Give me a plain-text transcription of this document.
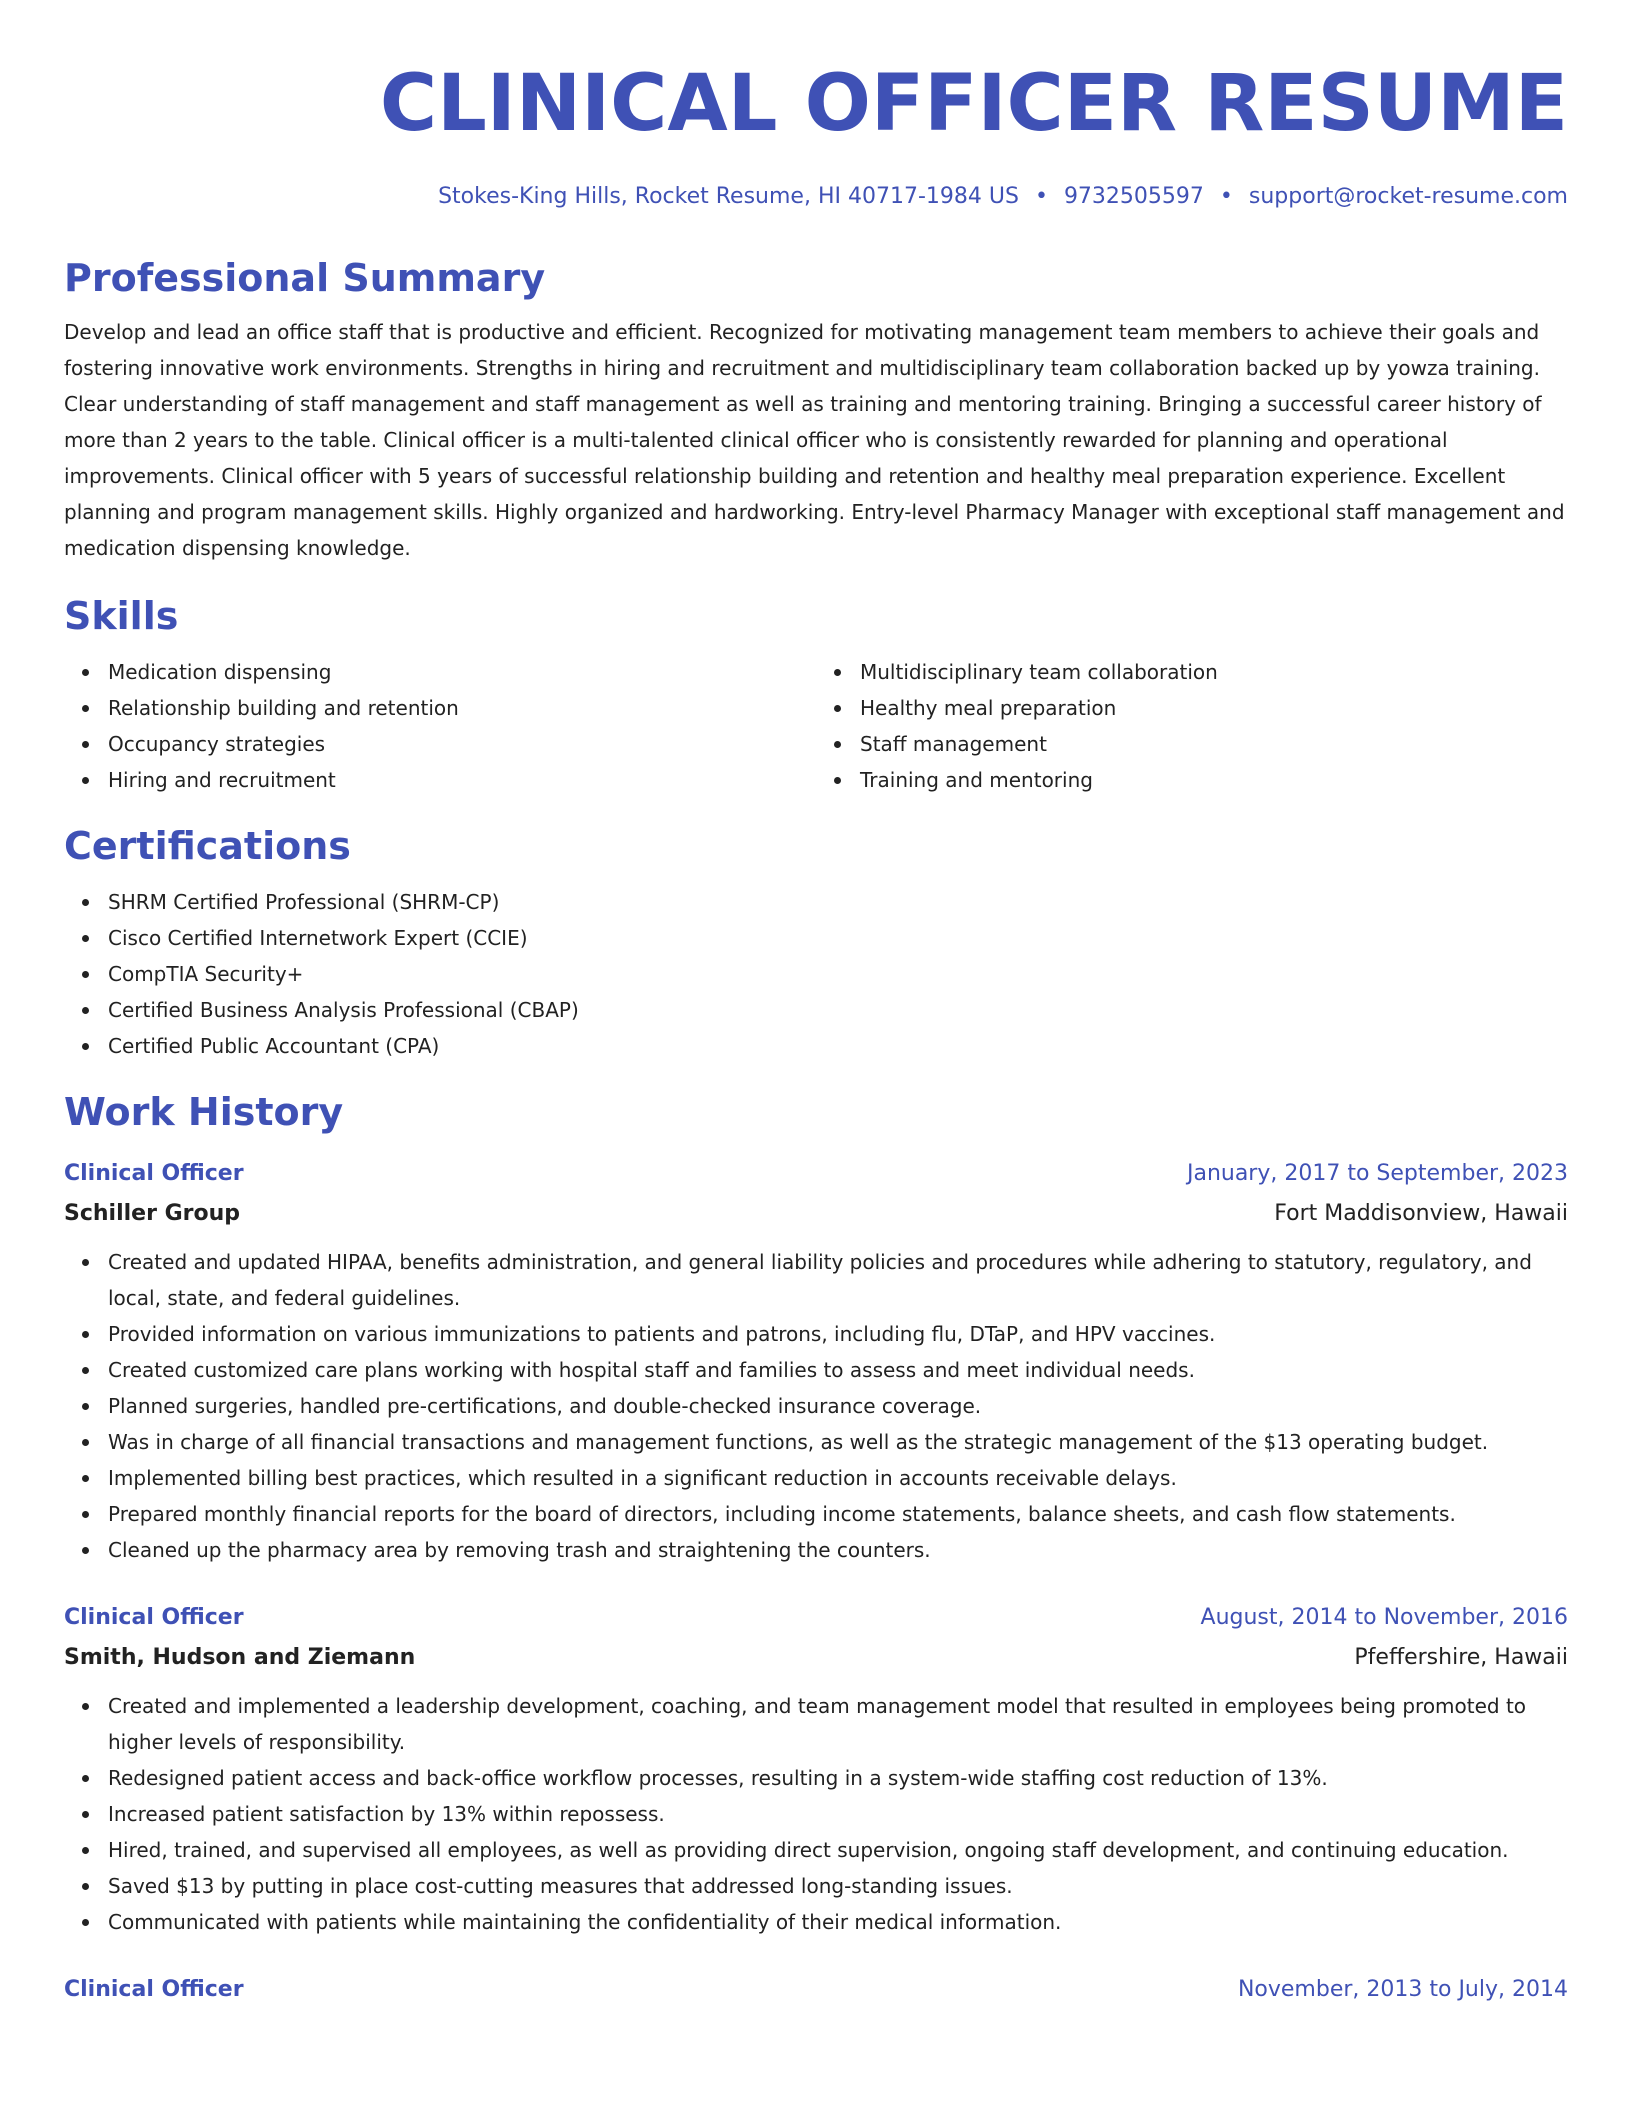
CLINICAL OFFICER RESUME
Stokes-King Hills, Rocket Resume, HI 40717-1984 US • 9732505597 • support@rocket-resume.com
Professional Summary

Develop and lead an office staff that is productive and efficient. Recognized for motivating management team members to achieve their goals and fostering innovative work environments. Strengths in hiring and recruitment and multidisciplinary team collaboration backed up by yowza training. Clear understanding of staff management and staff management as well as training and mentoring training. Bringing a successful career history of more than 2 years to the table. Clinical officer is a multi-talented clinical officer who is consistently rewarded for planning and operational improvements. Clinical officer with 5 years of successful relationship building and retention and healthy meal preparation experience. Excellent planning and program management skills. Highly organized and hardworking. Entry-level Pharmacy Manager with exceptional staff management and medication dispensing knowledge.

Skills
Medication dispensing
Relationship building and retention
Occupancy strategies
Hiring and recruitment
Multidisciplinary team collaboration
Healthy meal preparation
Staff management
Training and mentoring
Certifications
SHRM Certified Professional (SHRM-CP)
Cisco Certified Internetwork Expert (CCIE)
CompTIA Security+
Certified Business Analysis Professional (CBAP)
Certified Public Accountant (CPA)
Work History
Clinical Officer	January, 2017 to September, 2023
Schiller Group	Fort Maddisonview, Hawaii
Created and updated HIPAA, benefits administration, and general liability policies and procedures while adhering to statutory, regulatory, and local, state, and federal guidelines.
Provided information on various immunizations to patients and patrons, including flu, DTaP, and HPV vaccines.
Created customized care plans working with hospital staff and families to assess and meet individual needs.
Planned surgeries, handled pre-certifications, and double-checked insurance coverage.
Was in charge of all financial transactions and management functions, as well as the strategic management of the $13 operating budget.
Implemented billing best practices, which resulted in a significant reduction in accounts receivable delays.
Prepared monthly financial reports for the board of directors, including income statements, balance sheets, and cash flow statements.
Cleaned up the pharmacy area by removing trash and straightening the counters.
Clinical Officer	August, 2014 to November, 2016
Smith, Hudson and Ziemann	Pfeffershire, Hawaii
Created and implemented a leadership development, coaching, and team management model that resulted in employees being promoted to higher levels of responsibility.
Redesigned patient access and back-office workflow processes, resulting in a system-wide staffing cost reduction of 13%.
Increased patient satisfaction by 13% within repossess.
Hired, trained, and supervised all employees, as well as providing direct supervision, ongoing staff development, and continuing education.
Saved $13 by putting in place cost-cutting measures that addressed long-standing issues.
Communicated with patients while maintaining the confidentiality of their medical information.
Clinical Officer	November, 2013 to July, 2014
